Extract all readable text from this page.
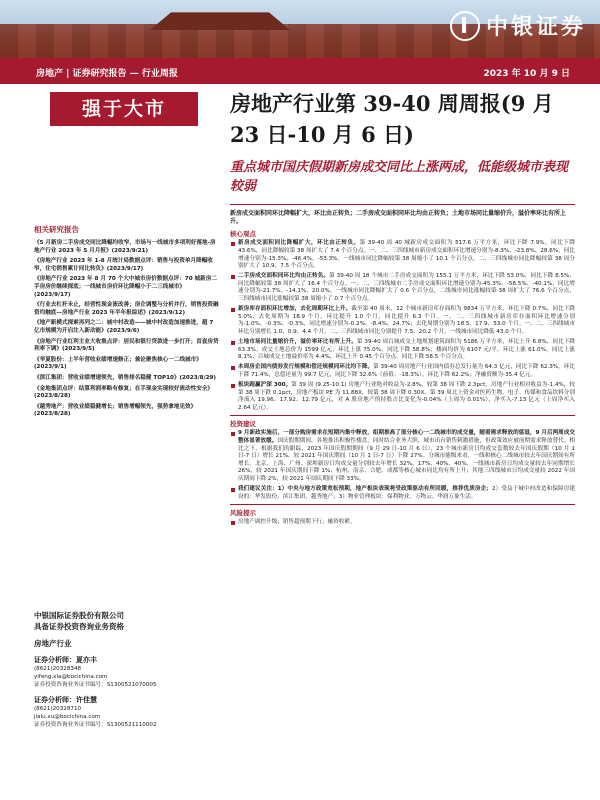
中银证券
房地产 | 证券研究报告 — 行业周报	2023 年 10 月 9 日
强于大市	房地产行业第 39-40 周周报(9 月 23 日-10 月 6 日)
重点城市国庆假期新房成交同比上涨两成，低能级城市表现较弱
相关研究报告
《5 月新房二手房成交同比降幅均收窄，市场与一线城市多项利好落地-房地产行业 2023 年 5 月月报》(2023/9/21)
《房地产行业 2023 年 1-8 月统计局数据点评：销售与投资单月降幅收窄，住宅销售累计同比转负》(2023/9/17)
《房地产行业 2023 年 8 月 70 个大中城市房价数据点评：70 城新房二手房房价继续探底；一线城市房价环比降幅小于二三线城市》(2023/9/17)
《行业去杠杆未止，经营性现金流改善；房企调整与分析并行，销售投资融资均触底—房地产行业 2023 年半年报综述》(2023/9/12)
《地产新模式探索再列之二：城中村改造——城中村改造加速推进，超 7 亿市规模为开启注入新动能》(2023/9/6)
《房地产行业红利主业大收集点评：居民和银行贷款进一步打开；首套房贷利率下调》(2023/9/5)
《华夏股份：上半年营收业绩增速修正；兼论聚焦核心一二线城市》(2023/9/1)
《滨江集团：营收业绩增速领先，销售排名稳健 TOP10》(2023/8/29)
《金地集团点评：结算利润率略有修复；在手现金实现较好流动性安全》(2023/8/28)
《越秀地产：营收业绩稳健增长；销售增幅领先，强势拿地见效》(2023/8/28)
中银国际证券股份有限公司
具备证券投资咨询业务资格
房地产行业
证券分析师：夏亦丰
(8621)20328348
yifeng.xia@bocichina.com
证券投资咨询业务证书编号：S1300521070005
证券分析师：许佳慧
(8621)20328710
jialu.xu@bocichina.com
证券投资咨询业务证书编号：S1300521110002
新房成交面积同环比降幅扩大，环比由正转负；二手房成交面积同环比均由正转负；土地市场同比量缩价升，溢价率环比有所上升。
核心观点
新房成交面积同比降幅扩大，环比由正转负。第 39-40 周 40 城新房成交面积为 517.6 万平方米，环比下降 7.9%，同比下降 43.6%，同比降幅较第 38 周扩大了 7.4 个百分点。一、二、三四线城市新房成交面积环比增速分别为-8.3%、-23.8%、28.6%，同比增速分别为-15.3%、-46.4%、-53.3%。一线城市同比降幅较第 38 周缩小了 10.1 个百分点，二、三四线城市同比降幅较第 38 周分别扩大了 10.9、7.5 个百分点。
二手房成交面积同环比均由正转负。第 39-40 周 18 个城市二手房成交面积为 155.1 万平方米，环比下降 53.0%，同比下降 8.5%，同比降幅较第 38 周扩大了 16.4 个百分点。一、二、三四线城市二手房成交面积环比增速分别为-45.3%、-56.5%、-40.1%，同比增速分别为-21.7%、-14.1%、20.0%。一线城市同比降幅扩大了 0.6 个百分点，二线城市同比涨幅较第 38 周扩大了 76.6 个百分点，三四线城市同比涨幅较第 38 周缩小了 0.7 个百分点。
新房库存面积环比增加，去化周期环比上升。截至第 40 周末，12 个城市新房库存面积为 9834 万平方米，环比下降 0.7%，同比下降 5.0%；去化周期为 18.9 个月，环比提升 1.0 个月，同比提升 6.3 个月。一、二、三四线城市新房库存面积环比增速分别为-1.0%、-0.3%、-0.3%，同比增速分别为-0.2%、-8.4%、24.7%；去化周期分别为 18.5、17.9、53.0 个月。一、二、三四线城市环比分别增长 1.0、0.9、4.4 个月，二、三四线城市同比分别提升 7.5、20.2 个月，一线城市同比降低 43.0 个月。
土地市场同比量缩价升，溢价率环比有所上升。第 39-40 周百城成交土地规划建筑面积为 5186 万平方米，环比上升 6.8%，同比下降 63.3%；成交土地总价为 1599 亿元，环比上涨 75.0%，同比下降 58.8%；楼面均价为 6107 元/平，环比上涨 61.0%，同比上涨 8.1%；百城成交土地溢价率为 4.4%，环比上升 0.45 个百分点，同比下降 58.5 个百分点。
本周房企国内债券发行规模和偿还规模同环比均下降。第 39-40 周房地产行业国内债券总发行量为 64.3 亿元，同比下降 62.3%，环比下降 71.4%，总偿还量为 99.7 亿元，同比下降 32.6%（前值：-18.3%），环比下降 62.2%；净融资额为-35.4 亿元。
板块跑赢沪深 300。第 39 周 (9.25-10.1) 房地产行业绝对收益为-2.8%，较第 38 周下跌 2.3pct，房地产行业相对收益为-1.4%，较第 38 周下跌 0.1pct，房地产板块 PE 为 11.88X，较第 38 周下降 0.30X。第 39 周北上资金对医药生物、电子、传媒和食品饮料分别净流入 19.96、17.92、12.79 亿元，对 A 股房地产的持股占比变化为-0.04%（上周为 0.01%），净买入-7.13 亿元（上周净买入 2.64 亿元）。
投资建议
9 月新政实施后，一部分购房需求在短期内集中释放，组期推高了部分核心一二线城市的成交量，随着需求释放的惩退，9 月后两周成交整体显著放缓。国庆假期期间，各地推出积极性楼盘，同时结合业务大胆，城市出台销售刺激措施，但政策效应被前期需求释放替代。相比之下，根据我们的跟踪，2023 年国庆假期期间（9 月 29 日-10 月 6 日），23 个城市新房日均成交套数较去年国庆假期（10 月 1 日-7 日）增长 21%，较 2021 年国庆期间（10 月 1 日-7 日）下降 27%。分城市能级来看，一线和核心二线城市较去年国庆期间有所增长。北京、上海、广州、深圳新房日均成交量分别较去年增长 32%、17%、40%、40%，一线城市新房日均成交量较去年同期增长 26%，较 2021 年国庆期间下降 1%；杭州、南京、合肥、成都等核心城市同比均有所上升；其他三四线城市日均成交量较 2022 年国庆期间下降 2%，较 2021 年国庆期间下降 33%。
我们建议关注：1）中央与地方政策宽松预期，地产板块表现将受政策驱动有所回暖，推荐优质房企；2）受益于城中村改造和保障房建设的：华发股份、滨江集团、越秀地产；3）物业管理板块：保利物业、万物云、华润万象生活。
风险提示
房地产调控升级；销售超预期下行；融资收紧。
